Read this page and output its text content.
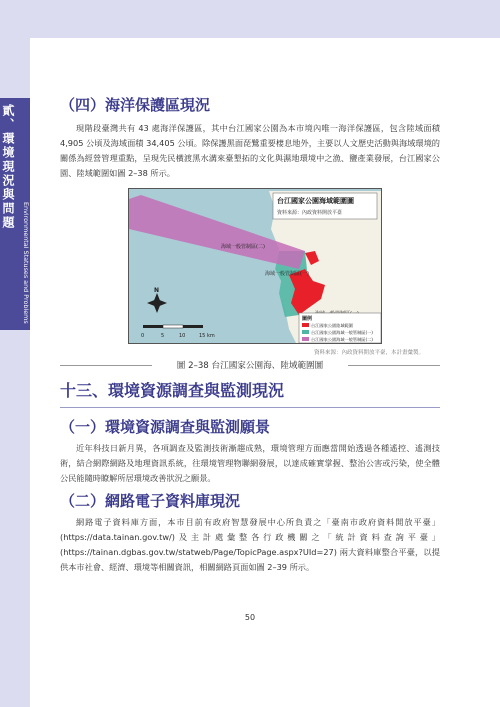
貳、環境現況與問題
Environmental Statuses and Problems
（四）海洋保護區現況
現階段臺灣共有 43 處海洋保護區，其中台江國家公園為本市境內唯一海洋保護區，包含陸域面積 4,905 公頃及海域面積 34,405 公頃。除保護黑面琵鷺重要棲息地外，主要以人文歷史活動與海域環境的關係為經營管理重點，呈現先民橫渡黑水溝來臺墾拓的文化與濕地環境中之漁、鹽產業發展，台江國家公園、陸域範圍如圖 2–38 所示。
台江國家公園海域範圍圖
資料來源：內政資料開放平臺
海域一般管制區(二)
海域一般管制區(一)
N
0	5	10	15 km
圖例
台江國家公園陸域範圍
台江國家公園海域一般管制區(一)
台江國家公園海域一般管制區(二)
資料來源：內政資料開放平臺，本計畫彙製。
圖 2–38 台江國家公園海、陸域範圍圖
十三、環境資源調查與監測現況
（一）環境資源調查與監測願景
近年科技日新月異，各項調查及監測技術漸趨成熟，環境管理方面應當開始透過各種遙控、遙測技術，結合網際網路及地理資訊系統，往環境管理物聯網發展，以達成確實掌握、整治公害或污染，使全體公民能隨時瞭解所居環境改善狀況之願景。
（二）網路電子資料庫現況
網路電子資料庫方面，本市目前有政府智慧發展中心所負責之「臺南市政府資料開放平臺」(https://data.tainan.gov.tw/)及主計處彙整各行政機關之「統計資料查詢平臺」(https://tainan.dgbas.gov.tw/statweb/Page/TopicPage.aspx?UId=27) 兩大資料庫整合平臺，以提供本市社會、經濟、環境等相關資訊，相關網路頁面如圖 2–39 所示。
50
